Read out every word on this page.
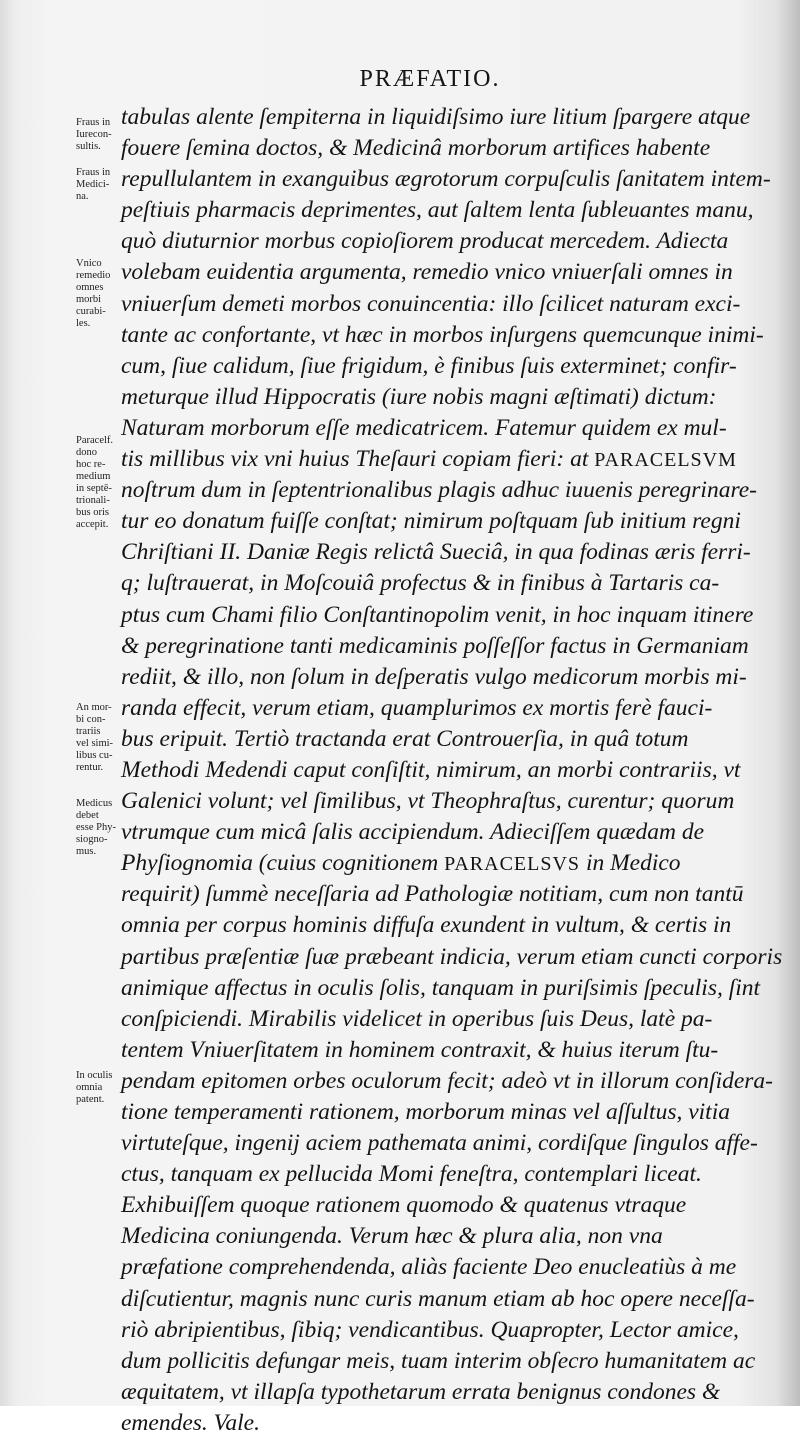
PRÆFATIO.
Fraus in
Iurecon-
sultis.
Fraus in
Medici-
na.
Vnico
remedio
omnes
morbi
curabi-
les.
Paracelf.
dono
hoc re-
medium
in septē-
trionali-
bus oris
accepit.
An mor-
bi con-
trariis
vel simi-
libus cu-
rentur.
Medicus
debet
esse Phy-
siogno-
mus.
In oculis
omnia
patent.
tabulas alente ſempiterna in liquidiſsimo iure litium ſpargere atque
fouere ſemina doctos, & Medicinâ morborum artifices habente
repullulantem in exanguibus ægrotorum corpuſculis ſanitatem intem-
peſtiuis pharmacis deprimentes, aut ſaltem lenta ſubleuantes manu,
quò diuturnior morbus copioſiorem producat mercedem. Adiecta
volebam euidentia argumenta, remedio vnico vniuerſali omnes in
vniuerſum demeti morbos conuincentia: illo ſcilicet naturam exci-
tante ac confortante, vt hæc in morbos inſurgens quemcunque inimi-
cum, ſiue calidum, ſiue frigidum, è finibus ſuis exterminet; confir-
meturque illud Hippocratis (iure nobis magni æſtimati) dictum:
Naturam morborum eſſe medicatricem. Fatemur quidem ex mul-
tis millibus vix vni huius Theſauri copiam fieri: at PARACELSVM
noſtrum dum in ſeptentrionalibus plagis adhuc iuuenis peregrinare-
tur eo donatum fuiſſe conſtat; nimirum poſtquam ſub initium regni
Chriſtiani II. Daniæ Regis relictâ Sueciâ, in qua fodinas æris ferri-
q; luſtrauerat, in Moſcouiâ profectus & in finibus à Tartaris ca-
ptus cum Chami filio Conſtantinopolim venit, in hoc inquam itinere
& peregrinatione tanti medicaminis poſſeſſor factus in Germaniam
rediit, & illo, non ſolum in deſperatis vulgo medicorum morbis mi-
randa effecit, verum etiam, quamplurimos ex mortis ferè fauci-
bus eripuit. Tertiò tractanda erat Controuerſia, in quâ totum
Methodi Medendi caput conſiſtit, nimirum, an morbi contrariis, vt
Galenici volunt; vel ſimilibus, vt Theophraſtus, curentur; quorum
vtrumque cum micâ ſalis accipiendum. Adieciſſem quædam de
Phyſiognomia (cuius cognitionem PARACELSVS in Medico
requirit) ſummè neceſſaria ad Pathologiæ notitiam, cum non tantū
omnia per corpus hominis diffuſa exundent in vultum, & certis in
partibus præſentiæ ſuæ præbeant indicia, verum etiam cuncti corporis
animique affectus in oculis ſolis, tanquam in puriſsimis ſpeculis, ſint
conſpiciendi. Mirabilis videlicet in operibus ſuis Deus, latè pa-
tentem Vniuerſitatem in hominem contraxit, & huius iterum ſtu-
pendam epitomen orbes oculorum fecit; adeò vt in illorum conſidera-
tione temperamenti rationem, morborum minas vel aſſultus, vitia
virtuteſque, ingenij aciem pathemata animi, cordiſque ſingulos affe-
ctus, tanquam ex pellucida Momi feneſtra, contemplari liceat.
Exhibuiſſem quoque rationem quomodo & quatenus vtraque
Medicina coniungenda. Verum hæc & plura alia, non vna
præfatione comprehendenda, aliàs faciente Deo enucleatiùs à me
diſcutientur, magnis nunc curis manum etiam ab hoc opere neceſſa-
riò abripientibus, ſibiq; vendicantibus. Quapropter, Lector amice,
dum pollicitis defungar meis, tuam interim obſecro humanitatem ac
æquitatem, vt illapſa typothetarum errata benignus condones &
emendes. Vale.
